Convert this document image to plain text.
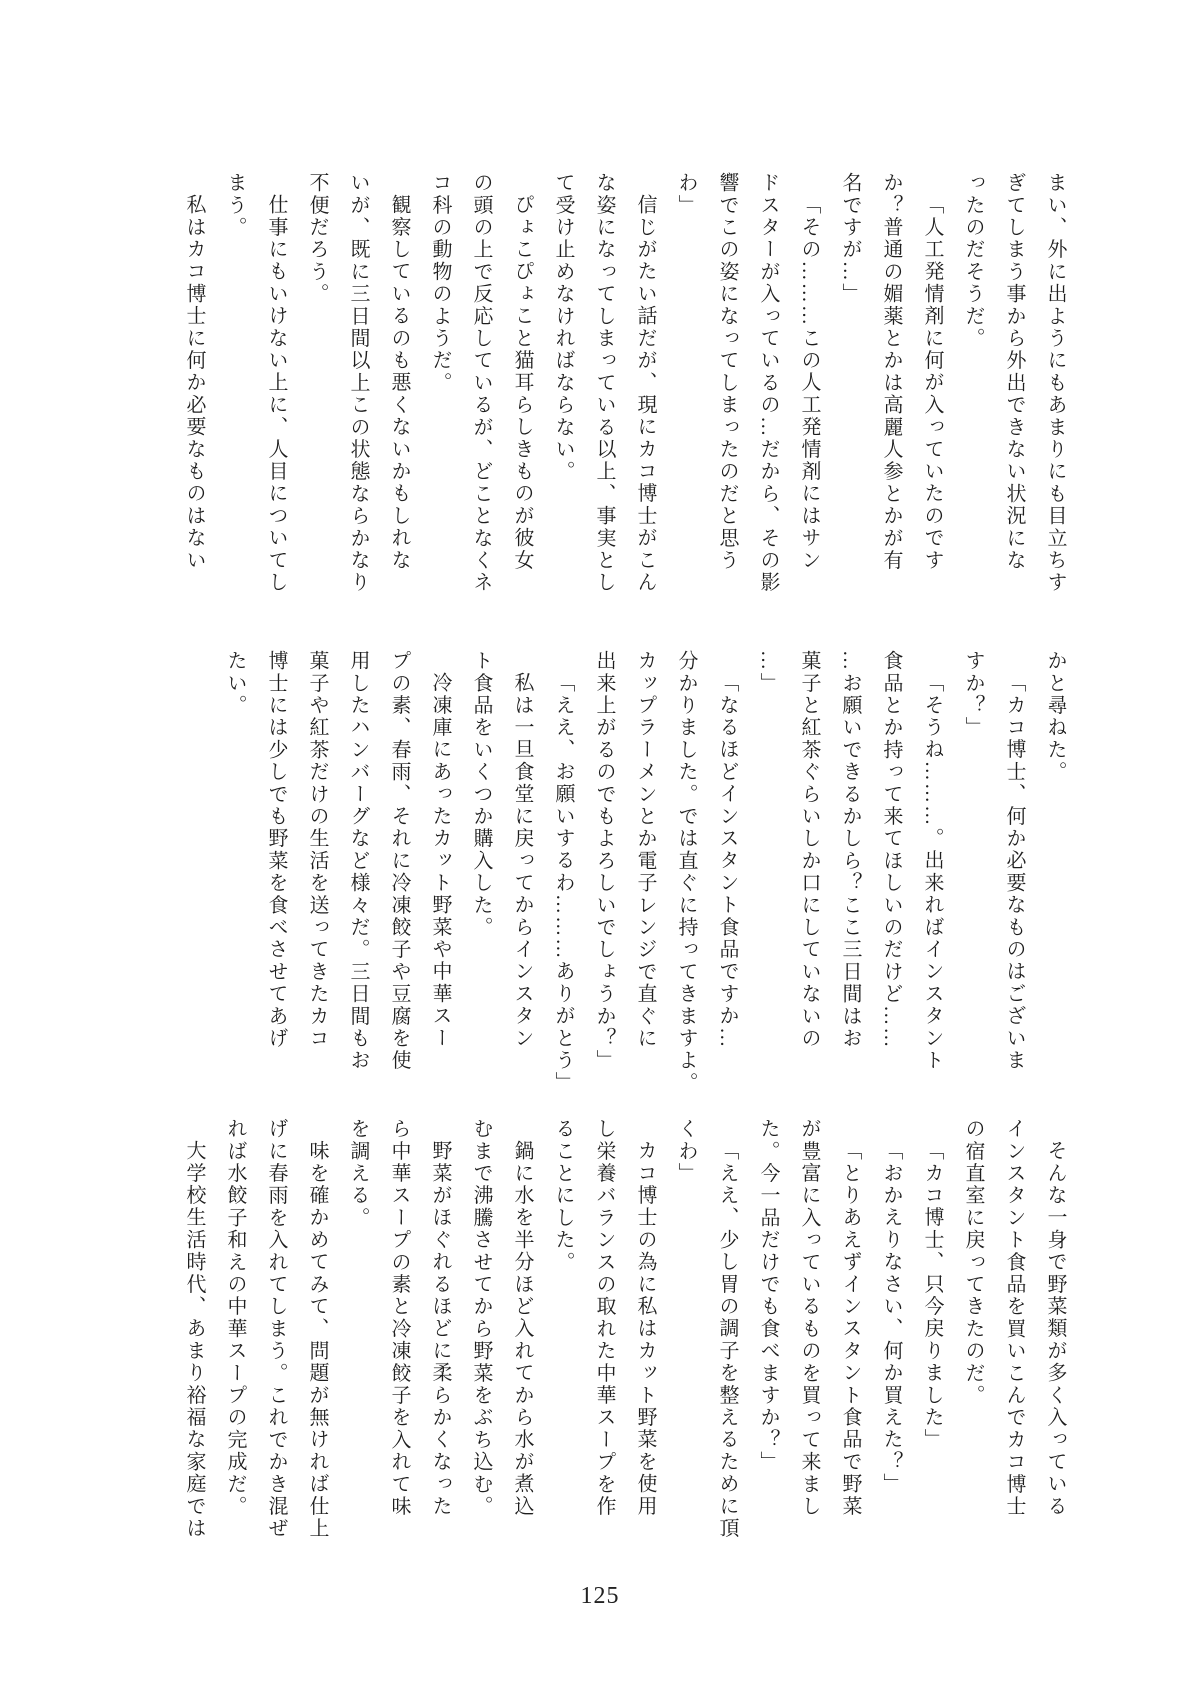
まい、外に出ようにもあまりにも目立ちす

ぎてしまう事から外出できない状況にな

ったのだそうだ。

「人工発情剤に何が入っていたのです

か？普通の媚薬とかは高麗人参とかが有

名ですが…」

「その………この人工発情剤にはサン

ドスターが入っているの…だから、その影

響でこの姿になってしまったのだと思う

わ」

信じがたい話だが、現にカコ博士がこん

な姿になってしまっている以上、事実とし

て受け止めなければならない。

ぴょこぴょこと猫耳らしきものが彼女

の頭の上で反応しているが、どことなくネ

コ科の動物のようだ。

観察しているのも悪くないかもしれな

いが、既に三日間以上この状態ならかなり

不便だろう。

仕事にもいけない上に、人目についてし

まう。

私はカコ博士に何か必要なものはない

かと尋ねた。

「カコ博士、何か必要なものはございま

すか？」

「そうね………。出来ればインスタント

食品とか持って来てほしいのだけど……

…お願いできるかしら？ここ三日間はお

菓子と紅茶ぐらいしか口にしていないの

…」

「なるほどインスタント食品ですか…

分かりました。では直ぐに持ってきますよ。

カップラーメンとか電子レンジで直ぐに

出来上がるのでもよろしいでしょうか？」

「ええ、お願いするわ………ありがとう」

私は一旦食堂に戻ってからインスタン

ト食品をいくつか購入した。

冷凍庫にあったカット野菜や中華スー

プの素、春雨、それに冷凍餃子や豆腐を使

用したハンバーグなど様々だ。三日間もお

菓子や紅茶だけの生活を送ってきたカコ

博士には少しでも野菜を食べさせてあげ

たい。

そんな一身で野菜類が多く入っている

インスタント食品を買いこんでカコ博士

の宿直室に戻ってきたのだ。

「カコ博士、只今戻りました」

「おかえりなさい、何か買えた？」

「とりあえずインスタント食品で野菜

が豊富に入っているものを買って来まし

た。今一品だけでも食べますか？」

「ええ、少し胃の調子を整えるために頂

くわ」

カコ博士の為に私はカット野菜を使用

し栄養バランスの取れた中華スープを作

ることにした。

鍋に水を半分ほど入れてから水が煮込

むまで沸騰させてから野菜をぶち込む。

野菜がほぐれるほどに柔らかくなった

ら中華スープの素と冷凍餃子を入れて味

を調える。

味を確かめてみて、問題が無ければ仕上

げに春雨を入れてしまう。これでかき混ぜ

れば水餃子和えの中華スープの完成だ。

大学校生活時代、あまり裕福な家庭では

125
